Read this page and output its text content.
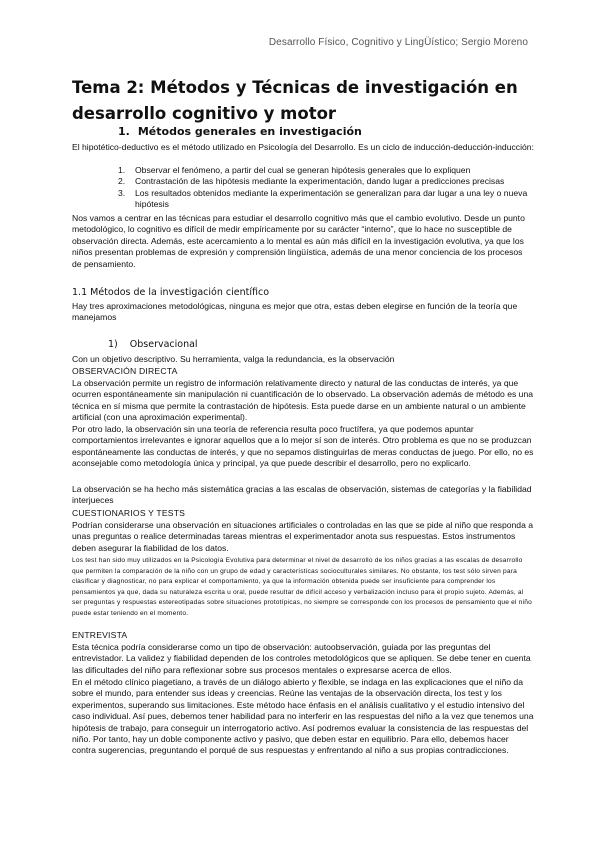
Desarrollo Físico, Cognitivo y LingÜístico; Sergio Moreno
Tema 2: Métodos y Técnicas de investigación en desarrollo cognitivo y motor
1. Métodos generales en investigación
El hipotético-deductivo es el método utilizado en Psicología del Desarrollo. Es un ciclo de inducción-deducción-inducción:
1. Observar el fenómeno, a partir del cual se generan hipótesis generales que lo expliquen
2. Contrastación de las hipótesis mediante la experimentación, dando lugar a predicciones precisas
3. Los resultados obtenidos mediante la experimentación se generalizan para dar lugar a una ley o nueva hipótesis
Nos vamos a centrar en las técnicas para estudiar el desarrollo cognitivo más que el cambio evolutivo. Desde un punto metodológico, lo cognitivo es difícil de medir empíricamente por su carácter “interno”, que lo hace no susceptible de observación directa. Además, este acercamiento a lo mental es aún más difícil en la investigación evolutiva, ya que los niños presentan problemas de expresión y comprensión lingüística, además de una menor conciencia de los procesos de pensamiento.
1.1 Métodos de la investigación científico
Hay tres aproximaciones metodológicas, ninguna es mejor que otra, estas deben elegirse en función de la teoría que manejamos
1) Observacional
Con un objetivo descriptivo. Su herramienta, valga la redundancia, es la observación
OBSERVACIÓN DIRECTA
La observación permite un registro de información relativamente directo y natural de las conductas de interés, ya que ocurren espontáneamente sin manipulación ni cuantificación de lo observado. La observación además de método es una técnica en sí misma que permite la contrastación de hipótesis. Esta puede darse en un ambiente natural o un ambiente artificial (con una aproximación experimental).
Por otro lado, la observación sin una teoría de referencia resulta poco fructífera, ya que podemos apuntar comportamientos irrelevantes e ignorar aquellos que a lo mejor sí son de interés. Otro problema es que no se produzcan espontáneamente las conductas de interés, y que no sepamos distinguirlas de meras conductas de juego. Por ello, no es aconsejable como metodología única y principal, ya que puede describir el desarrollo, pero no explicarlo.
La observación se ha hecho más sistemática gracias a las escalas de observación, sistemas de categorías y la fiabilidad interjueces
CUESTIONARIOS Y TESTS
Podrían considerarse una observación en situaciones artificiales o controladas en las que se pide al niño que responda a unas preguntas o realice determinadas tareas mientras el experimentador anota sus respuestas. Estos instrumentos deben asegurar la fiabilidad de los datos.
Los test han sido muy utilizados en la Psicología Evolutiva para determinar el nivel de desarrollo de los niños gracias a las escalas de desarrollo que permiten la comparación de la niño con un grupo de edad y características socioculturales similares. No obstante, los test sólo sirven para clasificar y diagnosticar, no para explicar el comportamiento, ya que la información obtenida puede ser insuficiente para comprender los pensamientos ya que, dada su naturaleza escrita u oral, puede resultar de difícil acceso y verbalización incluso para el propio sujeto. Además, al ser preguntas y respuestas estereotipadas sobre situaciones prototípicas, no siempre se corresponde con los procesos de pensamiento que el niño puede estar teniendo en el momento.
ENTREVISTA
Esta técnica podría considerarse como un tipo de observación: autoobservación, guiada por las preguntas del entrevistador. La validez y fiabilidad dependen de los controles metodológicos que se apliquen. Se debe tener en cuenta las dificultades del niño para reflexionar sobre sus procesos mentales o expresarse acerca de ellos.
En el método clínico piagetiano, a través de un diálogo abierto y flexible, se indaga en las explicaciones que el niño da sobre el mundo, para entender sus ideas y creencias. Reúne las ventajas de la observación directa, los test y los experimentos, superando sus limitaciones. Este método hace énfasis en el análisis cualitativo y el estudio intensivo del caso individual. Así pues, debemos tener habilidad para no interferir en las respuestas del niño a la vez que tenemos una hipótesis de trabajo, para conseguir un interrogatorio activo. Así podremos evaluar la consistencia de las respuestas del niño. Por tanto, hay un doble componente activo y pasivo, que deben estar en equilibrio. Para ello, debemos hacer contra sugerencias, preguntando el porqué de sus respuestas y enfrentando al niño a sus propias contradicciones.
